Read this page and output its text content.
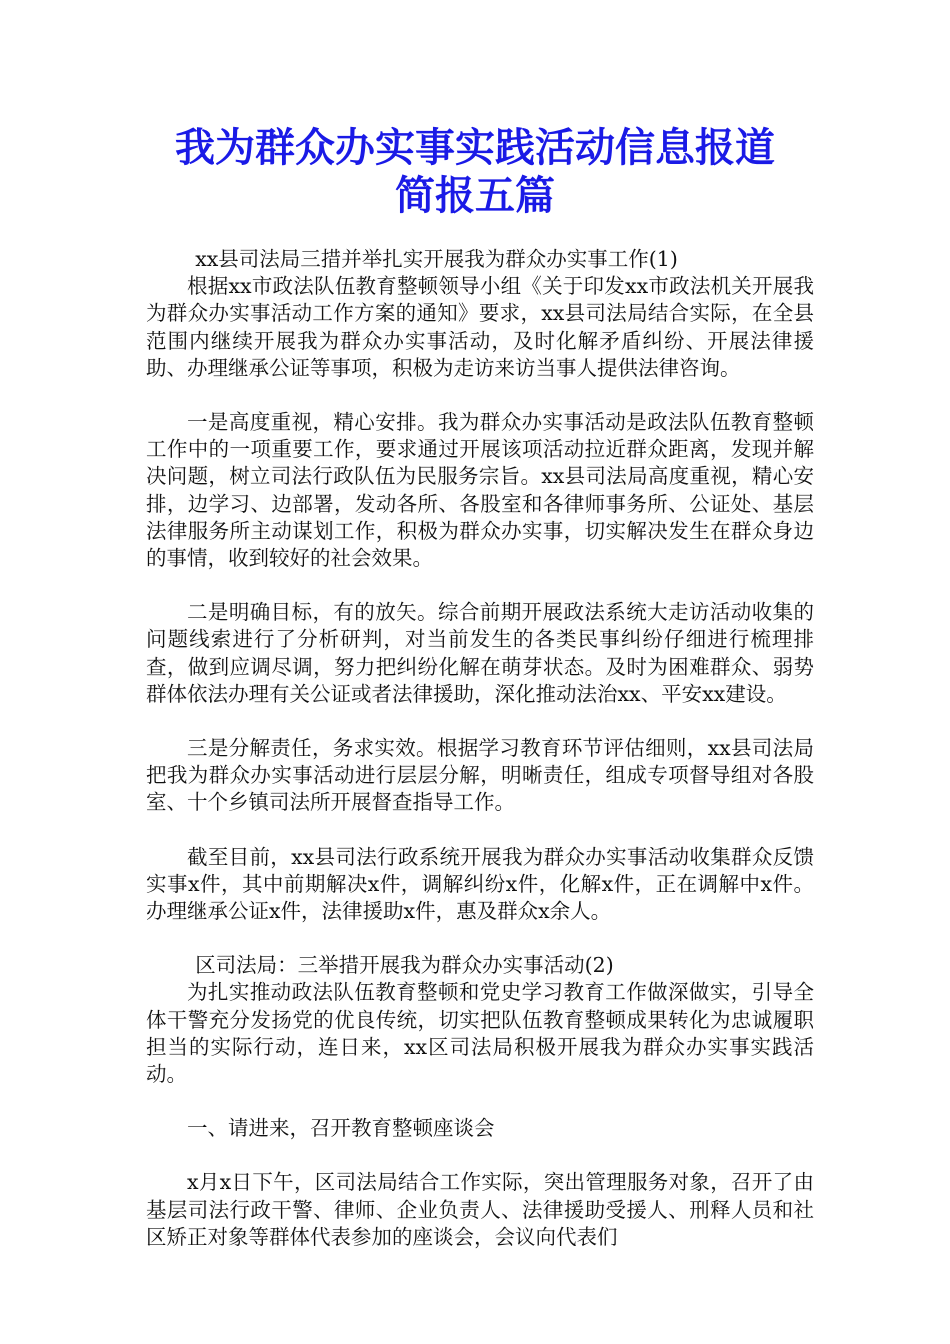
我为群众办实事实践活动信息报道
简报五篇

xx县司法局三措并举扎实开展我为群众办实事工作(1)

根据xx市政法队伍教育整顿领导小组《关于印发xx市政法机关开展我为群众办实事活动工作方案的通知》要求，xx县司法局结合实际，在全县范围内继续开展我为群众办实事活动，及时化解矛盾纠纷、开展法律援助、办理继承公证等事项，积极为走访来访当事人提供法律咨询。

一是高度重视，精心安排。我为群众办实事活动是政法队伍教育整顿工作中的一项重要工作，要求通过开展该项活动拉近群众距离，发现并解决问题，树立司法行政队伍为民服务宗旨。xx县司法局高度重视，精心安排，边学习、边部署，发动各所、各股室和各律师事务所、公证处、基层法律服务所主动谋划工作，积极为群众办实事，切实解决发生在群众身边的事情，收到较好的社会效果。

二是明确目标，有的放矢。综合前期开展政法系统大走访活动收集的问题线索进行了分析研判，对当前发生的各类民事纠纷仔细进行梳理排查，做到应调尽调，努力把纠纷化解在萌芽状态。及时为困难群众、弱势群体依法办理有关公证或者法律援助，深化推动法治xx、平安xx建设。

三是分解责任，务求实效。根据学习教育环节评估细则，xx县司法局把我为群众办实事活动进行层层分解，明晰责任，组成专项督导组对各股室、十个乡镇司法所开展督查指导工作。

截至目前，xx县司法行政系统开展我为群众办实事活动收集群众反馈实事x件，其中前期解决x件，调解纠纷x件，化解x件，正在调解中x件。办理继承公证x件，法律援助x件，惠及群众x余人。

区司法局：三举措开展我为群众办实事活动(2)

为扎实推动政法队伍教育整顿和党史学习教育工作做深做实，引导全体干警充分发扬党的优良传统，切实把队伍教育整顿成果转化为忠诚履职担当的实际行动，连日来，xx区司法局积极开展我为群众办实事实践活动。

一、请进来，召开教育整顿座谈会

x月x日下午，区司法局结合工作实际，突出管理服务对象，召开了由基层司法行政干警、律师、企业负责人、法律援助受援人、刑释人员和社区矫正对象等群体代表参加的座谈会，会议向代表们
